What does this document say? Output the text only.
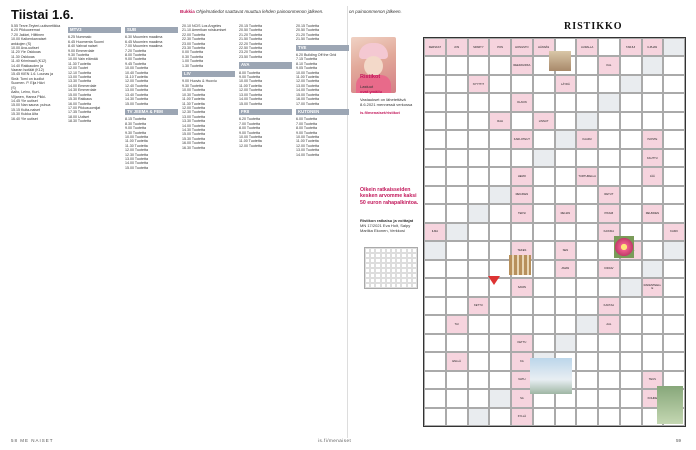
Tiistai 1.6.	Bukkia Ohjelmatiedot saattavat muuttua lehden painoonmenon jälkeen.	on painoonmenon jälkeen.
RISTIKKO
5.55 Terve.Teyteri-uutisnetiikka
6.20 Pikkuoeemat
7.20 Jakkei, Hilttinen
10.00 Kaikenkarvaiset
ankkojen (S)
10.00 Ava-uutiset
11.20 Yle Oskkoas
11.30 Oskkoas
11.40 Kriminaali (K12)
14.40 Rakkauden ja
Vaaran Isotäät (K12)
15.45 KIEN 1.6. Lounas ja
Sinä: Tomi on kuollut
Suomen. P. Eija Hävi
(S)
Aalto, Leino, Kurt-
Viljanen, Hanna Pikki-
14.45 Yle uutiset
15.00 Nan sauna: puhua
15.15 Kulta-naiset
15.30 Kukka Alta
16.40 Yle uutiset
MTV3
6.25 Nummalo
6.45 Huomenta Suomi
8.40 Vahvat naiset
9.00 Emmerdale
9.30 Tuotetta
10.00 Vain elämää
11.30 Tuotetta
12.00 Tuutet
12.10 Tuotetta
13.00 Tuotetta
13.30 Tuotetta
14.00 Emmerdale
14.30 Emmerdale
15.00 Tuotetta
15.30 Rakkaus
16.00 Tuotetta
17.00 Pikkusuomijat
17.35 Tuotetta
18.00 Uutiset
18.30 Tuotetta
SUB
6.30 Muumien maailma
6.45 Muumien maailma
7.00 Muumien maailma
7.20 Tuotetta
8.00 Tuotetta
9.00 Tuotetta
9.45 Tuotetta
10.00 Tuotetta
10.40 Tuotetta
11.10 Tuotetta
12.00 Tuotetta
12.40 Tuotetta
13.00 Tuotetta
13.40 Tuotetta
14.30 Tuotetta
15.00 Tuotetta
TV JEEMA & FEM
8.15 Tuotetta
8.30 Tuotetta
9.00 Tuotetta
9.30 Tuotetta
10.00 Tuotetta
11.00 Tuotetta
11.30 Tuotetta
12.00 Tuotetta
12.30 Tuotetta
13.00 Tuotetta
14.00 Tuotetta
15.00 Tuotetta
20.10 NCIS Los Angeles
21.10 Amerikan roiskumiset
22.00 Tuotetta
22.30 Tuotetta
23.00 Tuotetta
23.30 Tuotetta
0.00 Tuotetta
0.30 Tuotetta
1.00 Tuotetta
1.30 Tuotetta
LIV
9.00 Huoviu & Huoviu
9.30 Tuotetta
10.00 Tuotetta
10.30 Tuotetta
11.00 Tuotetta
11.30 Tuotetta
12.00 Tuotetta
12.30 Tuotetta
13.00 Tuotetta
13.30 Tuotetta
14.00 Tuotetta
14.30 Tuotetta
15.00 Tuotetta
15.30 Tuotetta
16.00 Tuotetta
16.30 Tuotetta
20.15 Tuotetta
20.50 Tuotetta
21.20 Tuotetta
21.50 Tuotetta
22.20 Tuotetta
22.50 Tuotetta
23.20 Tuotetta
23.50 Tuotetta
AVA
8.00 Tuotetta
9.00 Tuotetta
10.00 Tuotetta
11.00 Tuotetta
12.00 Tuotetta
13.00 Tuotetta
14.00 Tuotetta
15.00 Tuotetta
FRII
6.20 Tuotetta
7.00 Tuotetta
8.00 Tuotetta
9.00 Tuotetta
10.00 Tuotetta
11.00 Tuotetta
12.00 Tuotetta
20.15 Tuotetta
20.50 Tuotetta
21.20 Tuotetta
21.50 Tuotetta
TVE
6.20 Building Off the Grid
7.15 Tuotetta
8.10 Tuotetta
9.05 Tuotetta
10.00 Tuotetta
11.00 Tuotetta
12.00 Tuotetta
13.00 Tuotetta
14.00 Tuotetta
15.00 Tuotetta
16.00 Tuotetta
17.00 Tuotetta
KUTONEN
6.00 Tuotetta
7.00 Tuotetta
8.00 Tuotetta
9.00 Tuotetta
10.00 Tuotetta
11.00 Tuotetta
12.00 Tuotetta
13.00 Tuotetta
14.00 Tuotetta
Ristikot

Lastuut
ovat ymäilu

Vastaukset on lähetettävä 8.6.2021 mennessä verkossa

is.fi/menaiset/ristikot

Oikein ratkaisseiden kesken arvomme kaksi 50 euron rahapalkintoa.
Ristikon ratkaisu ja voittajat
MN 17/2021 Eva Holt, Salpy Mariika Ekonen, Verkkosi
KERSKAT	JOS	SPARTY	PON	HONGSTO	HÄNNÄS	AURALLA	TARJUI	ILPHAN
REEDAVIRKA	KAL
NYYTTIT	LÄYDÄ
OLAVIN
RAH	LINNUT
KARLOTEUT	KAARU	ISOSTE
KAUTTU
HEMO	TURTURELLA	JÄÄ
RENJKEN	RETUT
TEKSI	REIJAN	PIKARI	REUNDEN
ILMA	KAIKKIA	KAKKI
TEKES	SEN
AMAN	KIRJAV
SANIN
RAKENTEELLE
KETTU	KAKTAA
TAI	AAL
KETTU
ENLLÄ	KA
NATH	TEUS
SA	KOHDE
KYLLÄ
58 ME NAISET	is.fi/menaiset	59
